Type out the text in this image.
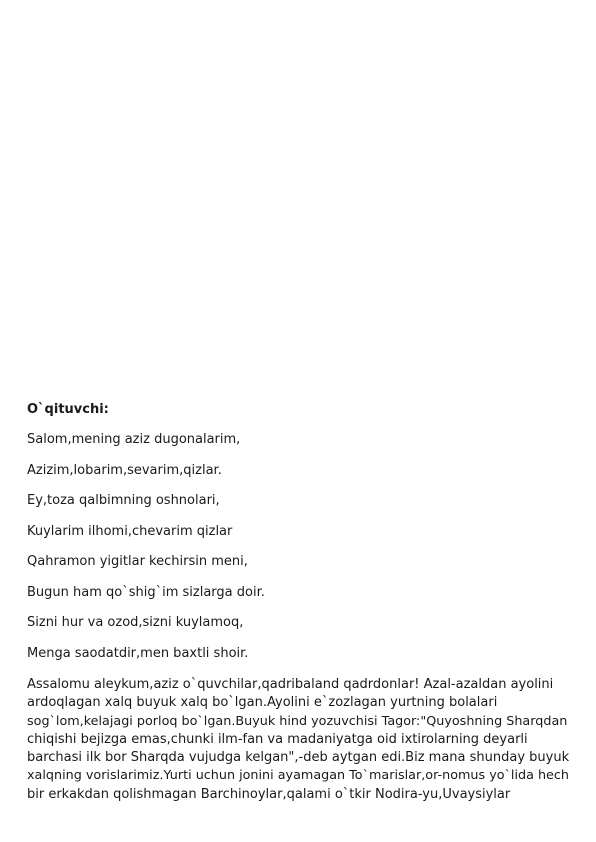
O`qituvchi:
Salom,mening aziz dugonalarim,
Azizim,lobarim,sevarim,qizlar.
Ey,toza qalbimning oshnolari,
Kuylarim ilhomi,chevarim qizlar
Qahramon yigitlar kechirsin meni,
Bugun ham qo`shig`im sizlarga doir.
Sizni hur va ozod,sizni kuylamoq,
Menga saodatdir,men baxtli shoir.
Assalomu aleykum,aziz o`quvchilar,qadribaland qadrdonlar! Azal-azaldan ayolini
ardoqlagan xalq buyuk xalq bo`lgan.Ayolini e`zozlagan yurtning bolalari
sog`lom,kelajagi porloq bo`lgan.Buyuk hind yozuvchisi Tagor:"Quyoshning Sharqdan
chiqishi bejizga emas,chunki ilm-fan va madaniyatga oid ixtirolarning deyarli
barchasi ilk bor Sharqda vujudga kelgan",-deb aytgan edi.Biz mana shunday buyuk
xalqning vorislarimiz.Yurti uchun jonini ayamagan To`marislar,or-nomus yo`lida hech
bir erkakdan qolishmagan Barchinoylar,qalami o`tkir Nodira-yu,Uvaysiylar
